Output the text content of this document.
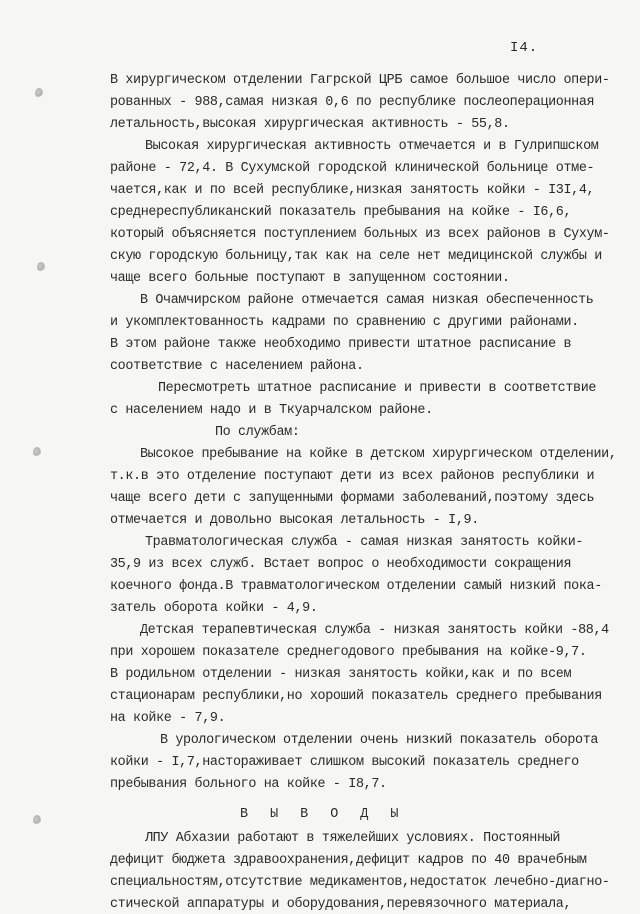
I4.
В хирургическом отделении Гагрской ЦРБ самое большое число опери-
рованных - 988,самая низкая 0,6 по республике послеоперационная
летальность,высокая хирургическая активность - 55,8.
Высокая хирургическая активность отмечается и в Гулрипшском
районе - 72,4. В Сухумской городской клинической больнице отме-
чается,как и по всей республике,низкая занятость койки - I3I,4,
среднереспубликанский показатель пребывания на койке - I6,6,
который объясняется поступлением больных из всех районов в Сухум-
скую городскую больницу,так как на селе нет медицинской службы и
чаще всего больные поступают в запущенном состоянии.
В Очамчирском районе отмечается самая низкая обеспеченность
и укомплектованность кадрами по сравнению с другими районами.
В этом районе также необходимо привести штатное расписание в
соответствие с населением района.
Пересмотреть штатное расписание и привести в соответствие
с населением надо и в Ткуарчалском районе.
По службам:
Высокое пребывание на койке в детском хирургическом отделении,
т.к.в это отделение поступают дети из всех районов республики и
чаще всего дети с запущенными формами заболеваний,поэтому здесь
отмечается и довольно высокая летальность - I,9.
Травматологическая служба - самая низкая занятость койки-
35,9 из всех служб. Встает вопрос о необходимости сокращения
коечного фонда.В травматологическом отделении самый низкий пока-
затель оборота койки - 4,9.
Детская терапевтическая служба - низкая занятость койки -88,4
при хорошем показателе среднегодового пребывания на койке-9,7.
В родильном отделении - низкая занятость койки,как и по всем
стационарам республики,но хороший показатель среднего пребывания
на койке - 7,9.
В урологическом отделении очень низкий показатель оборота
койки - I,7,настораживает слишком высокий показатель среднего
пребывания больного на койке - I8,7.
В Ы В О Д Ы
ЛПУ Абхазии работают в тяжелейших условиях. Постоянный
дефицит бюджета здравоохранения,дефицит кадров по 40 врачебным
специальностям,отсутствие медикаментов,недостаток лечебно-диагно-
стической аппаратуры и оборудования,перевязочного материала,
